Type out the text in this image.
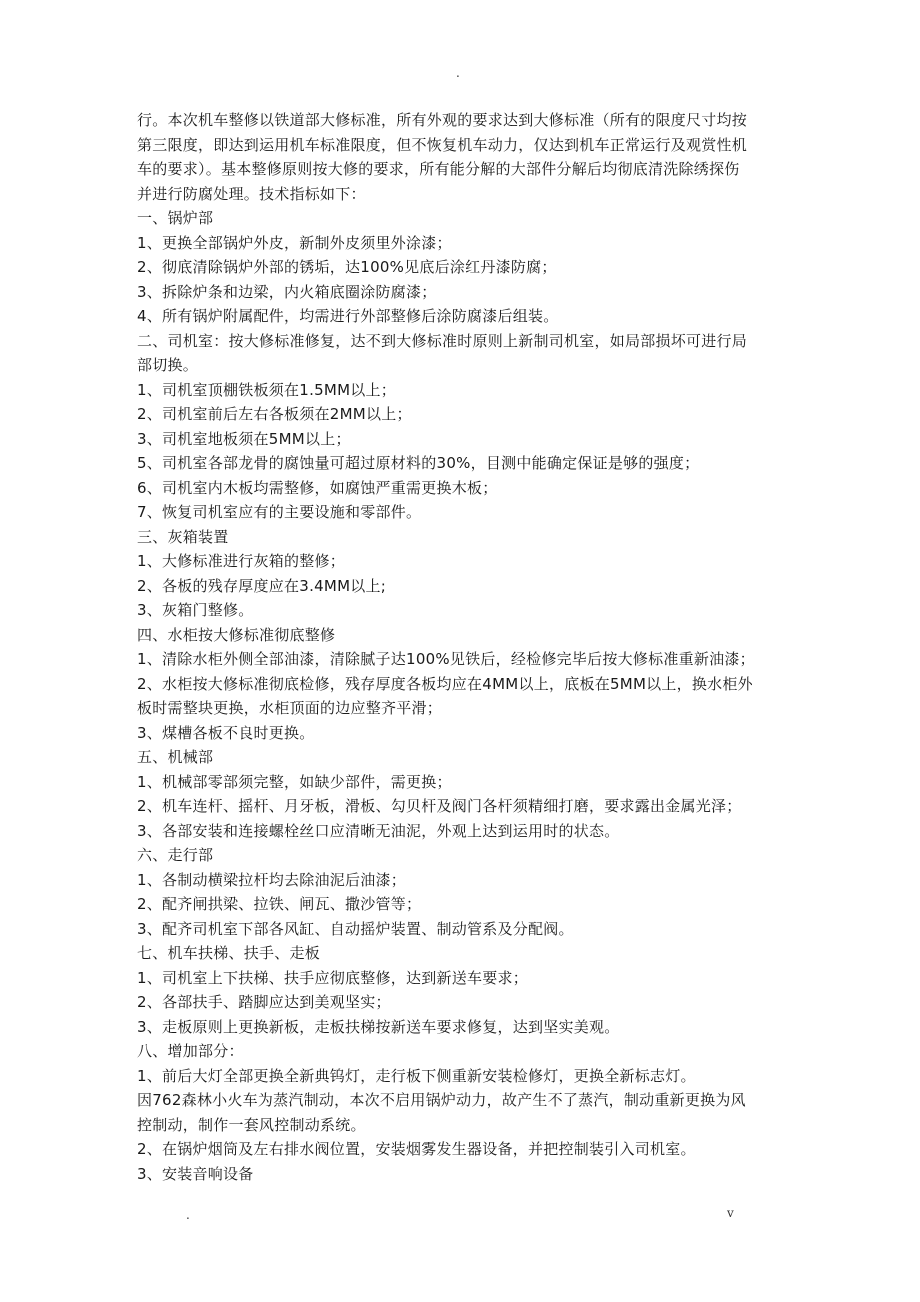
.
行。本次机车整修以铁道部大修标准，所有外观的要求达到大修标准（所有的限度尺寸均按
第三限度，即达到运用机车标准限度，但不恢复机车动力，仅达到机车正常运行及观赏性机
车的要求）。基本整修原则按大修的要求，所有能分解的大部件分解后均彻底清洗除绣探伤
并进行防腐处理。技术指标如下：
一、锅炉部
1、更换全部锅炉外皮，新制外皮须里外涂漆；
2、彻底清除锅炉外部的锈垢，达100%见底后涂红丹漆防腐；
3、拆除炉条和边梁，内火箱底圈涂防腐漆；
4、所有锅炉附属配件，均需进行外部整修后涂防腐漆后组装。
二、司机室：按大修标准修复，达不到大修标准时原则上新制司机室，如局部损坏可进行局
部切换。
1、司机室顶棚铁板须在1.5MM以上；
2、司机室前后左右各板须在2MM以上；
3、司机室地板须在5MM以上；
5、司机室各部龙骨的腐蚀量可超过原材料的30%，目测中能确定保证是够的强度；
6、司机室内木板均需整修，如腐蚀严重需更换木板；
7、恢复司机室应有的主要设施和零部件。
三、灰箱装置
1、大修标准进行灰箱的整修；
2、各板的残存厚度应在3.4MM以上;
3、灰箱门整修。
四、水柜按大修标准彻底整修
1、清除水柜外侧全部油漆，清除腻子达100%见铁后，经检修完毕后按大修标准重新油漆；
2、水柜按大修标准彻底检修，残存厚度各板均应在4MM以上，底板在5MM以上，换水柜外
板时需整块更换，水柜顶面的边应整齐平滑；
3、煤槽各板不良时更换。
五、机械部
1、机械部零部须完整，如缺少部件，需更换；
2、机车连杆、摇杆、月牙板，滑板、勾贝杆及阀门各杆须精细打磨，要求露出金属光泽；
3、各部安装和连接螺栓丝口应清晰无油泥，外观上达到运用时的状态。
六、走行部
1、各制动横梁拉杆均去除油泥后油漆；
2、配齐闸拱梁、拉铁、闸瓦、撒沙管等；
3、配齐司机室下部各风缸、自动摇炉装置、制动管系及分配阀。
七、机车扶梯、扶手、走板
1、司机室上下扶梯、扶手应彻底整修，达到新送车要求；
2、各部扶手、踏脚应达到美观坚实；
3、走板原则上更换新板，走板扶梯按新送车要求修复，达到坚实美观。
八、增加部分：
1、前后大灯全部更换全新典钨灯，走行板下侧重新安装检修灯，更换全新标志灯。
因762森林小火车为蒸汽制动，本次不启用锅炉动力，故产生不了蒸汽，制动重新更换为风
控制动，制作一套风控制动系统。
2、在锅炉烟筒及左右排水阀位置，安装烟雾发生器设备，并把控制装引入司机室。
3、安装音响设备
.	v
